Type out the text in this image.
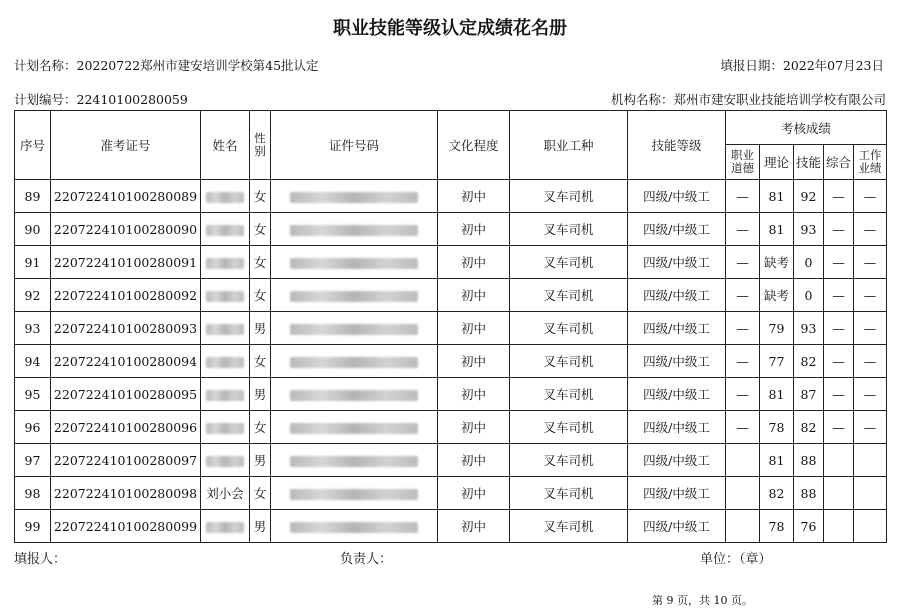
职业技能等级认定成绩花名册
计划名称：20220722郑州市建安培训学校第45批认定	填报日期：2022年07月23日
计划编号：22410100280059	机构名称：郑州市建安职业技能培训学校有限公司
序号	准考证号	姓名	性别	证件号码	文化程度	职业工种	技能等级	考核成绩				
								职业道德	理论	技能	综合	工作业绩
89	220722410100280089		女		初中	叉车司机	四级/中级工	—	81	92	—	—
90	220722410100280090		女		初中	叉车司机	四级/中级工	—	81	93	—	—
91	220722410100280091		女		初中	叉车司机	四级/中级工	—	缺考	0	—	—
92	220722410100280092		女		初中	叉车司机	四级/中级工	—	缺考	0	—	—
93	220722410100280093		男		初中	叉车司机	四级/中级工	—	79	93	—	—
94	220722410100280094		女		初中	叉车司机	四级/中级工	—	77	82	—	—
95	220722410100280095		男		初中	叉车司机	四级/中级工	—	81	87	—	—
96	220722410100280096		女		初中	叉车司机	四级/中级工	—	78	82	—	—
97	220722410100280097		男		初中	叉车司机	四级/中级工		81	88		
98	220722410100280098	刘小会	女		初中	叉车司机	四级/中级工		82	88		
99	220722410100280099		男		初中	叉车司机	四级/中级工		78	76		
填报人：	负责人：	单位：（章）
第 9 页，共 10 页。
